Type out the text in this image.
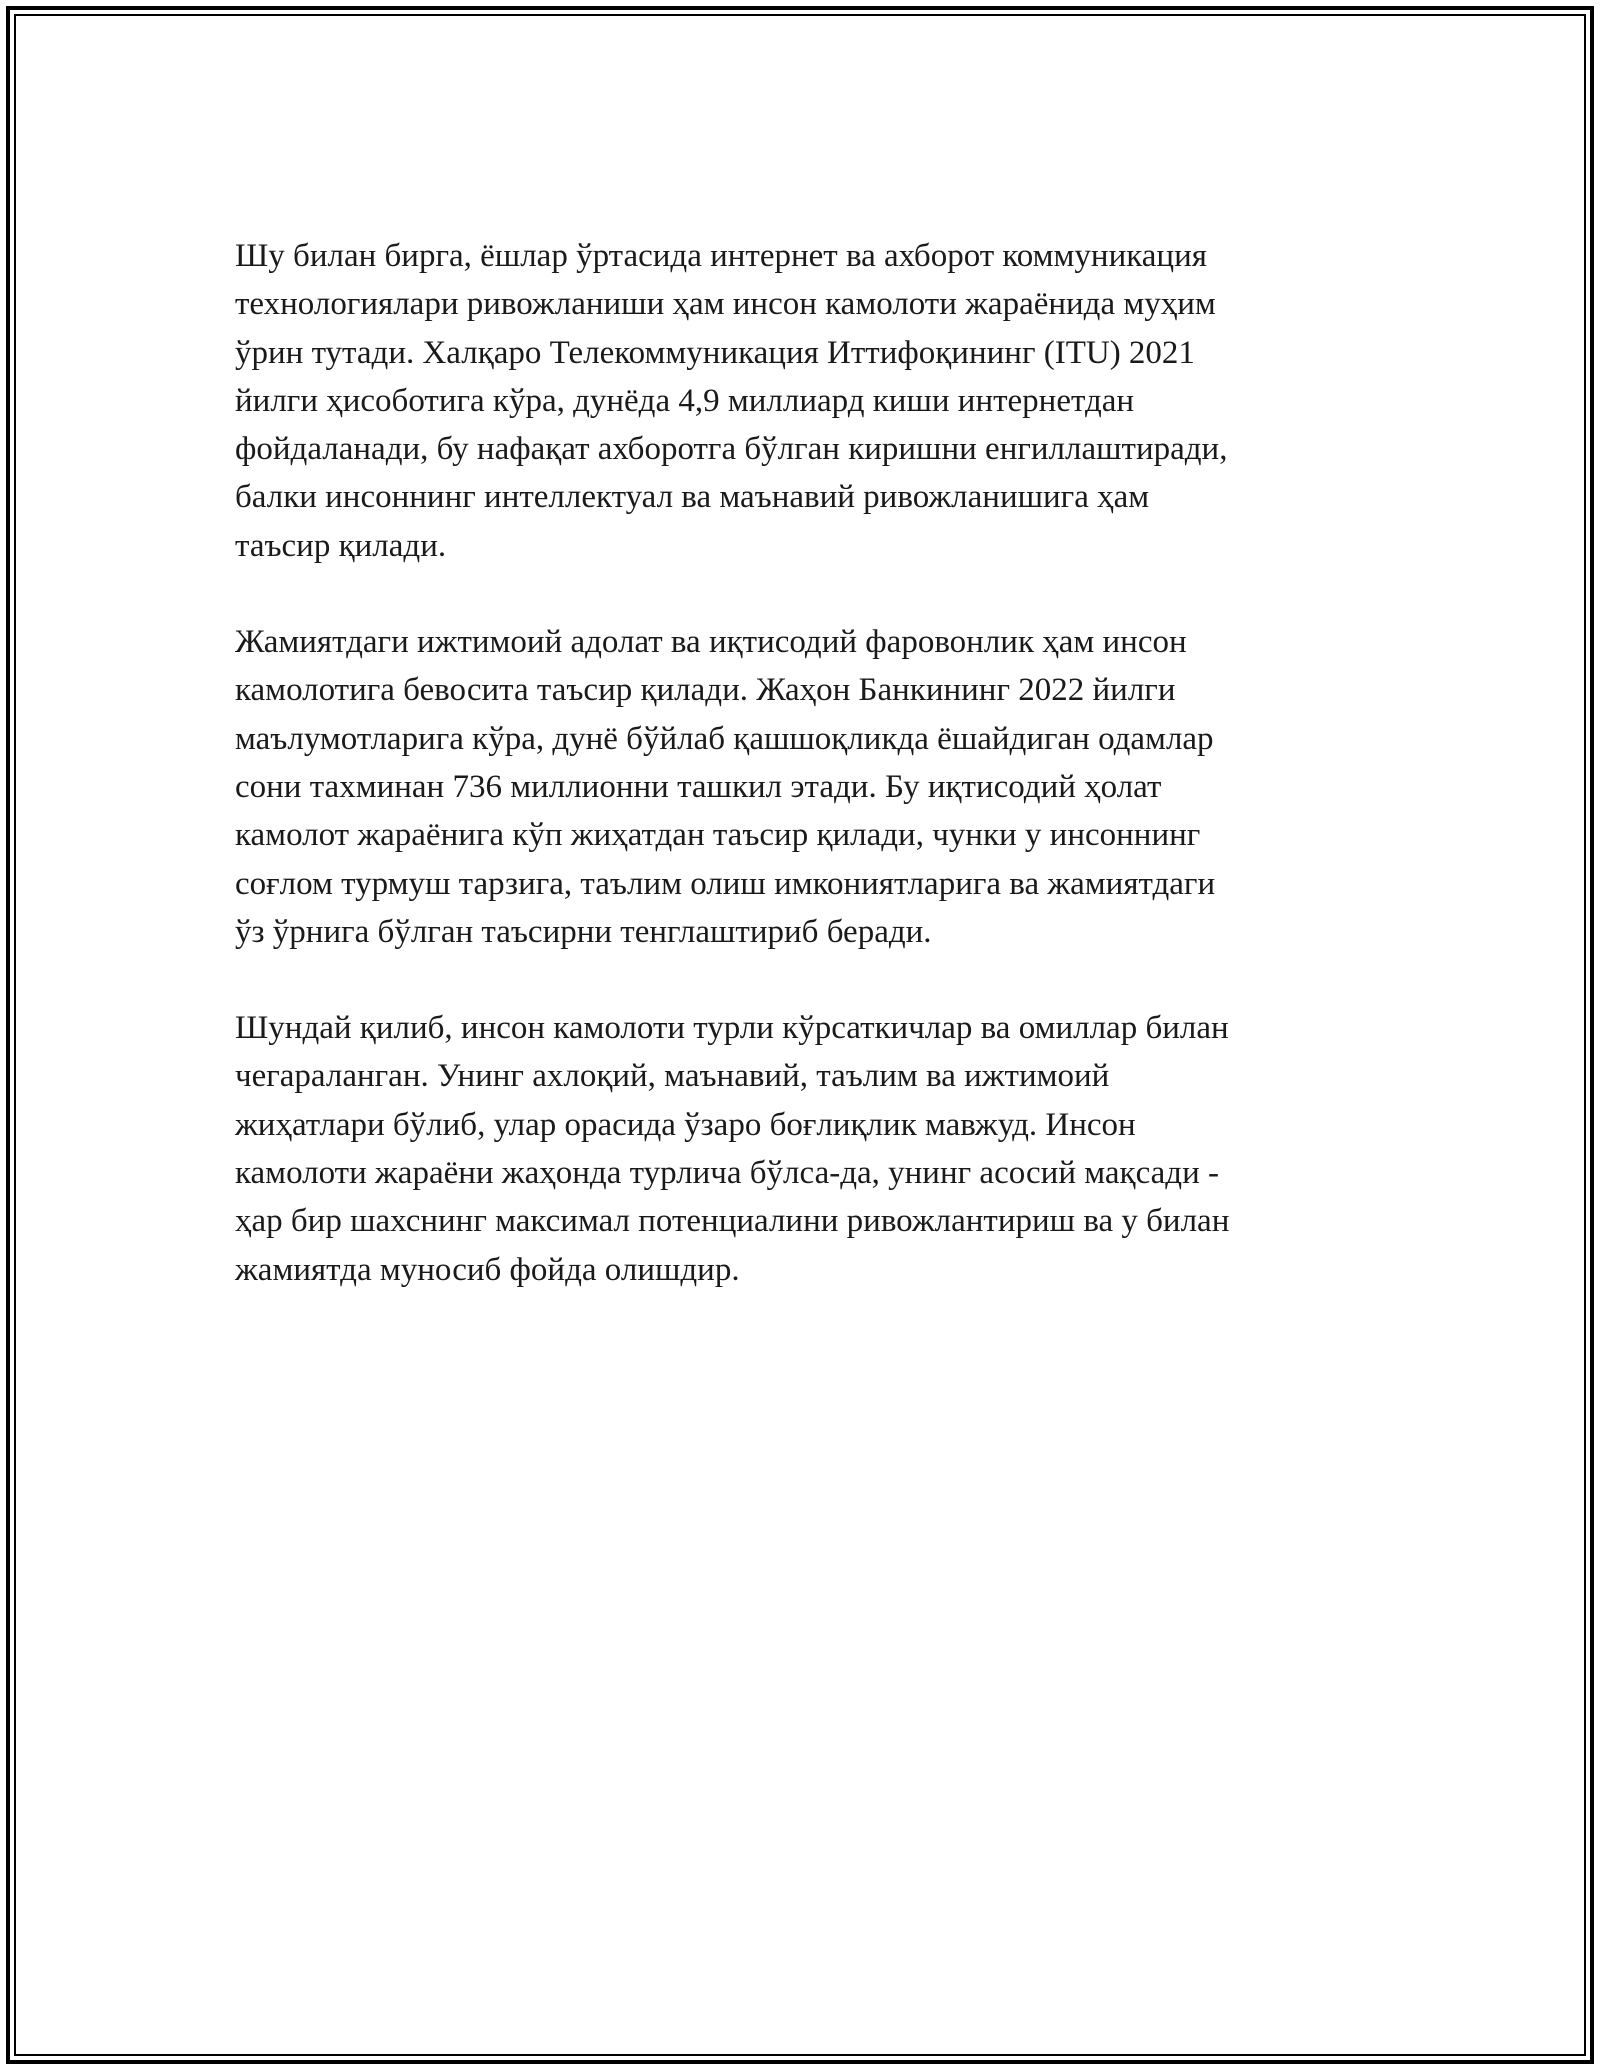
Шу билан бирга, ёшлар ўртасида интернет ва ахборот коммуникация
технологиялари ривожланиши ҳам инсон камолоти жараёнида муҳим
ўрин тутади. Халқаро Телекоммуникация Иттифоқининг (ITU) 2021
йилги ҳисоботига кўра, дунёда 4,9 миллиард киши интернетдан
фойдаланади, бу нафақат ахборотга бўлган киришни енгиллаштиради,
балки инсоннинг интеллектуал ва маънавий ривожланишига ҳам
таъсир қилади.

Жамиятдаги ижтимоий адолат ва иқтисодий фаровонлик ҳам инсон
камолотига бевосита таъсир қилади. Жаҳон Банкининг 2022 йилги
маълумотларига кўра, дунё бўйлаб қашшоқликда ёшайдиган одамлар
сони тахминан 736 миллионни ташкил этади. Бу иқтисодий ҳолат
камолот жараёнига кўп жиҳатдан таъсир қилади, чунки у инсоннинг
соғлом турмуш тарзига, таълим олиш имкониятларига ва жамиятдаги
ўз ўрнига бўлган таъсирни тенглаштириб беради.

Шундай қилиб, инсон камолоти турли кўрсаткичлар ва омиллар билан
чегараланган. Унинг ахлоқий, маънавий, таълим ва ижтимоий
жиҳатлари бўлиб, улар орасида ўзаро боғлиқлик мавжуд. Инсон
камолоти жараёни жаҳонда турлича бўлса-да, унинг асосий мақсади -
ҳар бир шахснинг максимал потенциалини ривожлантириш ва у билан
жамиятда муносиб фойда олишдир.
